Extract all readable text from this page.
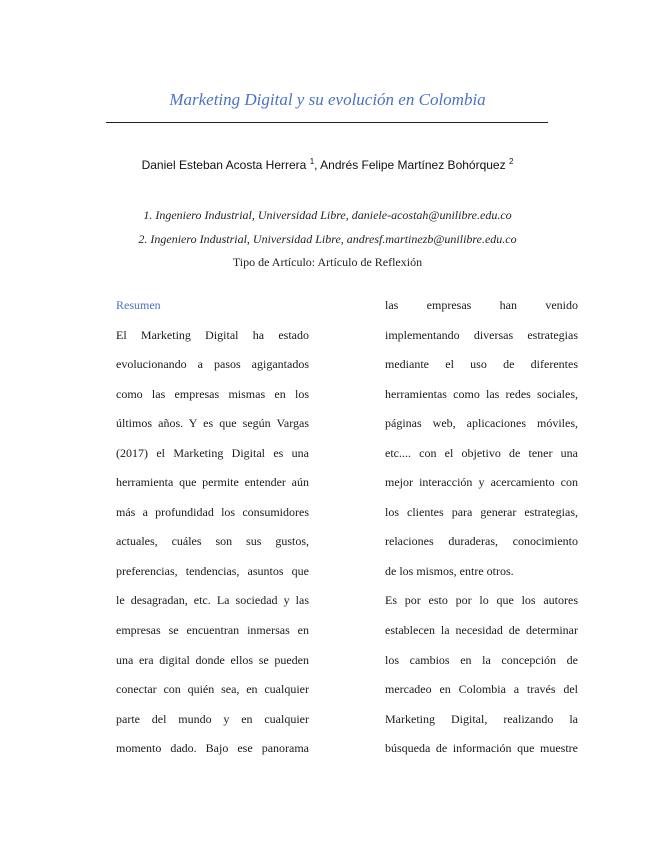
Marketing Digital y su evolución en Colombia
Daniel Esteban Acosta Herrera $^1$, Andrés Felipe Martínez Bohórquez $^2$
1. Ingeniero Industrial, Universidad Libre, daniele-acostah@unilibre.edu.co
2. Ingeniero Industrial, Universidad Libre, andresf.martinezb@unilibre.edu.co
Tipo de Artículo: Artículo de Reflexión
Resumen
El Marketing Digital ha estado
evolucionando a pasos agigantados
como las empresas mismas en los
últimos años. Y es que según Vargas
(2017) el Marketing Digital es una
herramienta que permite entender aún
más a profundidad los consumidores
actuales, cuáles son sus gustos,
preferencias, tendencias, asuntos que
le desagradan, etc. La sociedad y las
empresas se encuentran inmersas en
una era digital donde ellos se pueden
conectar con quién sea, en cualquier
parte del mundo y en cualquier
momento dado. Bajo ese panorama
las empresas han venido
implementando diversas estrategias
mediante el uso de diferentes
herramientas como las redes sociales,
páginas web, aplicaciones móviles,
etc.... con el objetivo de tener una
mejor interacción y acercamiento con
los clientes para generar estrategias,
relaciones duraderas, conocimiento
de los mismos, entre otros.
Es por esto por lo que los autores
establecen la necesidad de determinar
los cambios en la concepción de
mercadeo en Colombia a través del
Marketing Digital, realizando la
búsqueda de información que muestre
